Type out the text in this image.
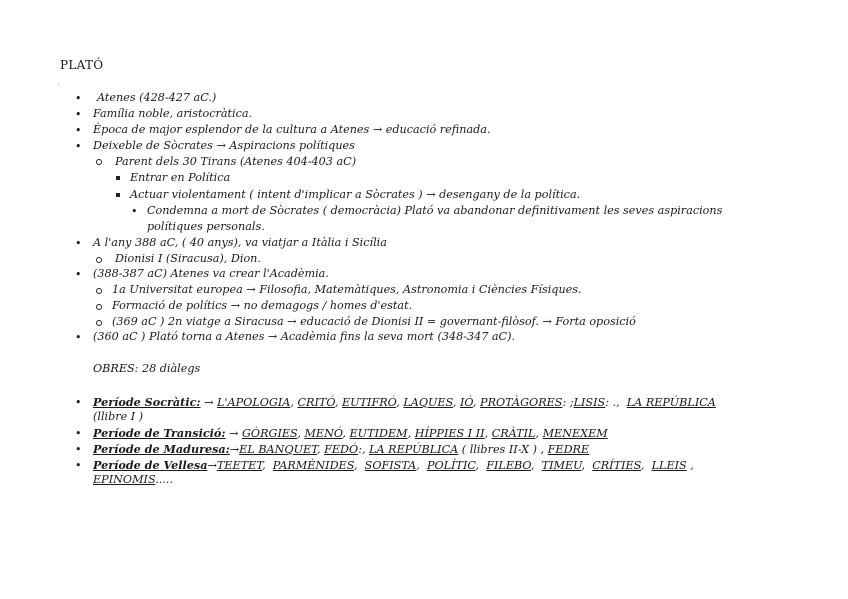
PLATÓ
.
• Atenes (428-427 aC.)
• Família noble, aristocràtica.
• Època de major esplendor de la cultura a Atenes → educació refinada.
• Deixeble de Sòcrates → Aspiracions polítiques
Parent dels 30 Tirans (Atenes 404-403 aC)
Entrar en Política
Actuar violentament ( intent d'implicar a Sòcrates ) → desengany de la política.
• Condemna a mort de Sòcrates ( democràcia) Plató va abandonar definitivament les seves aspiracions
polítiques personals.
• A l'any 388 aC, ( 40 anys), va viatjar a Itàlia i Sicília
Dionisi I (Siracusa), Dion.
• (388-387 aC) Atenes va crear l'Acadèmia.
1a Universitat europea → Filosofia, Matemàtiques, Astronomia i Ciències Físiques.
Formació de polítics → no demagogs / homes d'estat.
(369 aC ) 2n viatge a Siracusa → educació de Dionisi II = governant-filòsof. → Forta oposició
• (360 aC ) Plató torna a Atenes → Acadèmia fins la seva mort (348-347 aC).
OBRES: 28 diàlegs
• Període Socràtic: → L'APOLOGIA, CRITÓ, EUTIFRÓ, LAQUES, IÓ, PROTÀGORES: ;LISIS: .,  LA REPÚBLICA
(llibre I )
• Període de Transició: → GÒRGIES, MENÓ, EUTIDEM, HÍPPIES I II, CRÀTIL, MENEXEM
• Període de Maduresa:→EL BANQUET, FEDÓ:, LA REPÚBLICA ( llibres II-X ) , FEDRE
• Període de Vellesa→TEETET,  PARMÈNIDES,  SOFISTA,  POLÍTIC,  FILEBO,  TIMEU,  CRÍTIES,  LLEIS ,
EPINOMIS.....
